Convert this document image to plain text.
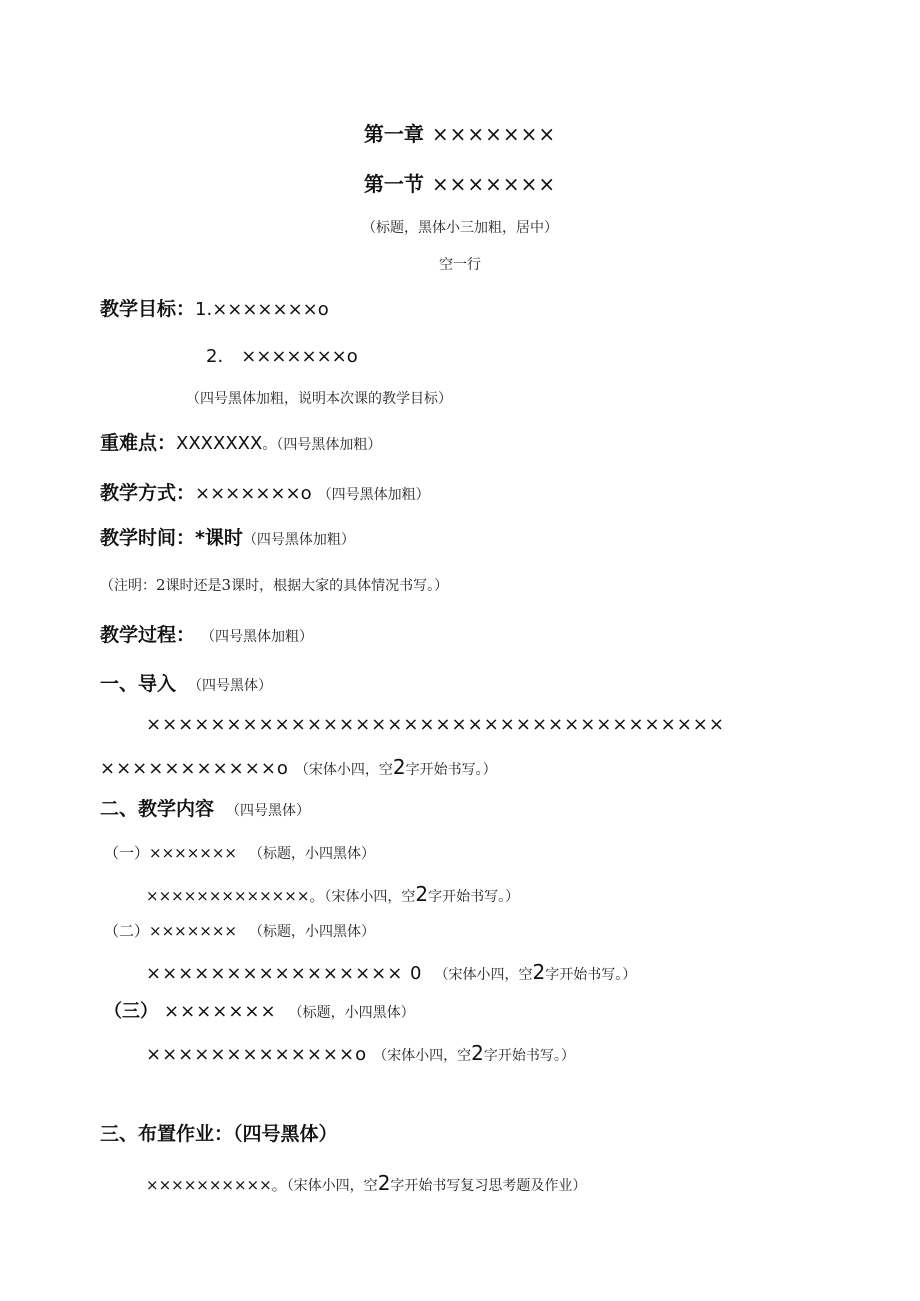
第一章 ×××××××
第一节 ×××××××
（标题，黑体小三加粗，居中）
空一行
教学目标：1.×××××××o
2. ×××××××o
（四号黑体加粗，说明本次课的教学目标）
重难点：XXXXXXX。（四号黑体加粗）
教学方式：×××××××o （四号黑体加粗）
教学时间：*课时（四号黑体加粗）
（注明：2课时还是3课时，根据大家的具体情况书写。）
教学过程： （四号黑体加粗）
一、导入 （四号黑体）
××××××××××××××××××××××××××××××××××××
×××××××××××o （宋体小四，空2字开始书写。）
二、教学内容 （四号黑体）
（一）××××××× （标题，小四黑体）
×××××××××××××。（宋体小四，空2字开始书写。）
（二）××××××× （标题，小四黑体）
×××××××××××××××× 0 （宋体小四，空2字开始书写。）
（三） ××××××× （标题，小四黑体）
×××××××××××××o （宋体小四，空2字开始书写。）
三、布置作业：（四号黑体）
××××××××××。（宋体小四，空2字开始书写复习思考题及作业）
